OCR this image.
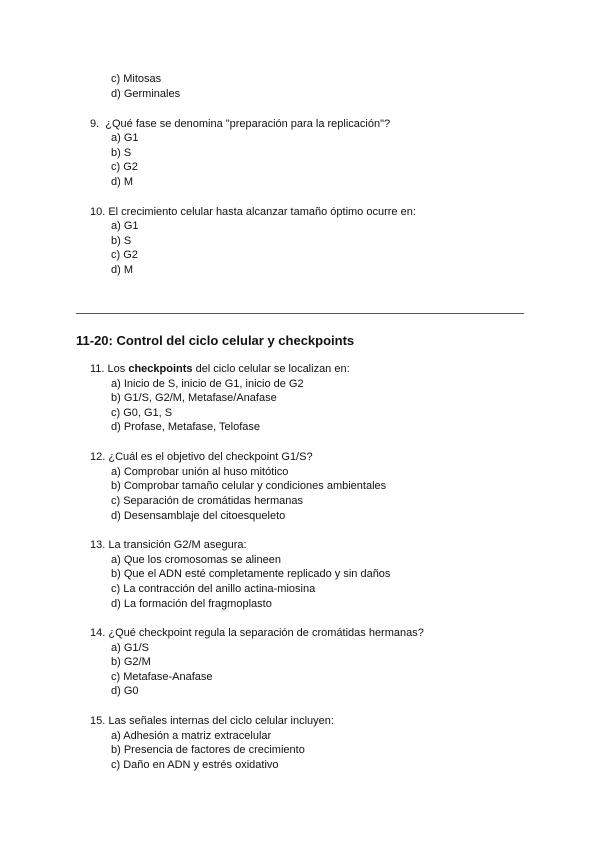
c) Mitosas
d) Germinales
9.  ¿Qué fase se denomina "preparación para la replicación"?
a) G1
b) S
c) G2
d) M
10. El crecimiento celular hasta alcanzar tamaño óptimo ocurre en:
a) G1
b) S
c) G2
d) M
11-20: Control del ciclo celular y checkpoints
11. Los checkpoints del ciclo celular se localizan en:
a) Inicio de S, inicio de G1, inicio de G2
b) G1/S, G2/M, Metafase/Anafase
c) G0, G1, S
d) Profase, Metafase, Telofase
12. ¿Cuál es el objetivo del checkpoint G1/S?
a) Comprobar unión al huso mitótico
b) Comprobar tamaño celular y condiciones ambientales
c) Separación de cromátidas hermanas
d) Desensamblaje del citoesqueleto
13. La transición G2/M asegura:
a) Que los cromosomas se alineen
b) Que el ADN esté completamente replicado y sin daños
c) La contracción del anillo actina-miosina
d) La formación del fragmoplasto
14. ¿Qué checkpoint regula la separación de cromátidas hermanas?
a) G1/S
b) G2/M
c) Metafase-Anafase
d) G0
15. Las señales internas del ciclo celular incluyen:
a) Adhesión a matriz extracelular
b) Presencia de factores de crecimiento
c) Daño en ADN y estrés oxidativo
